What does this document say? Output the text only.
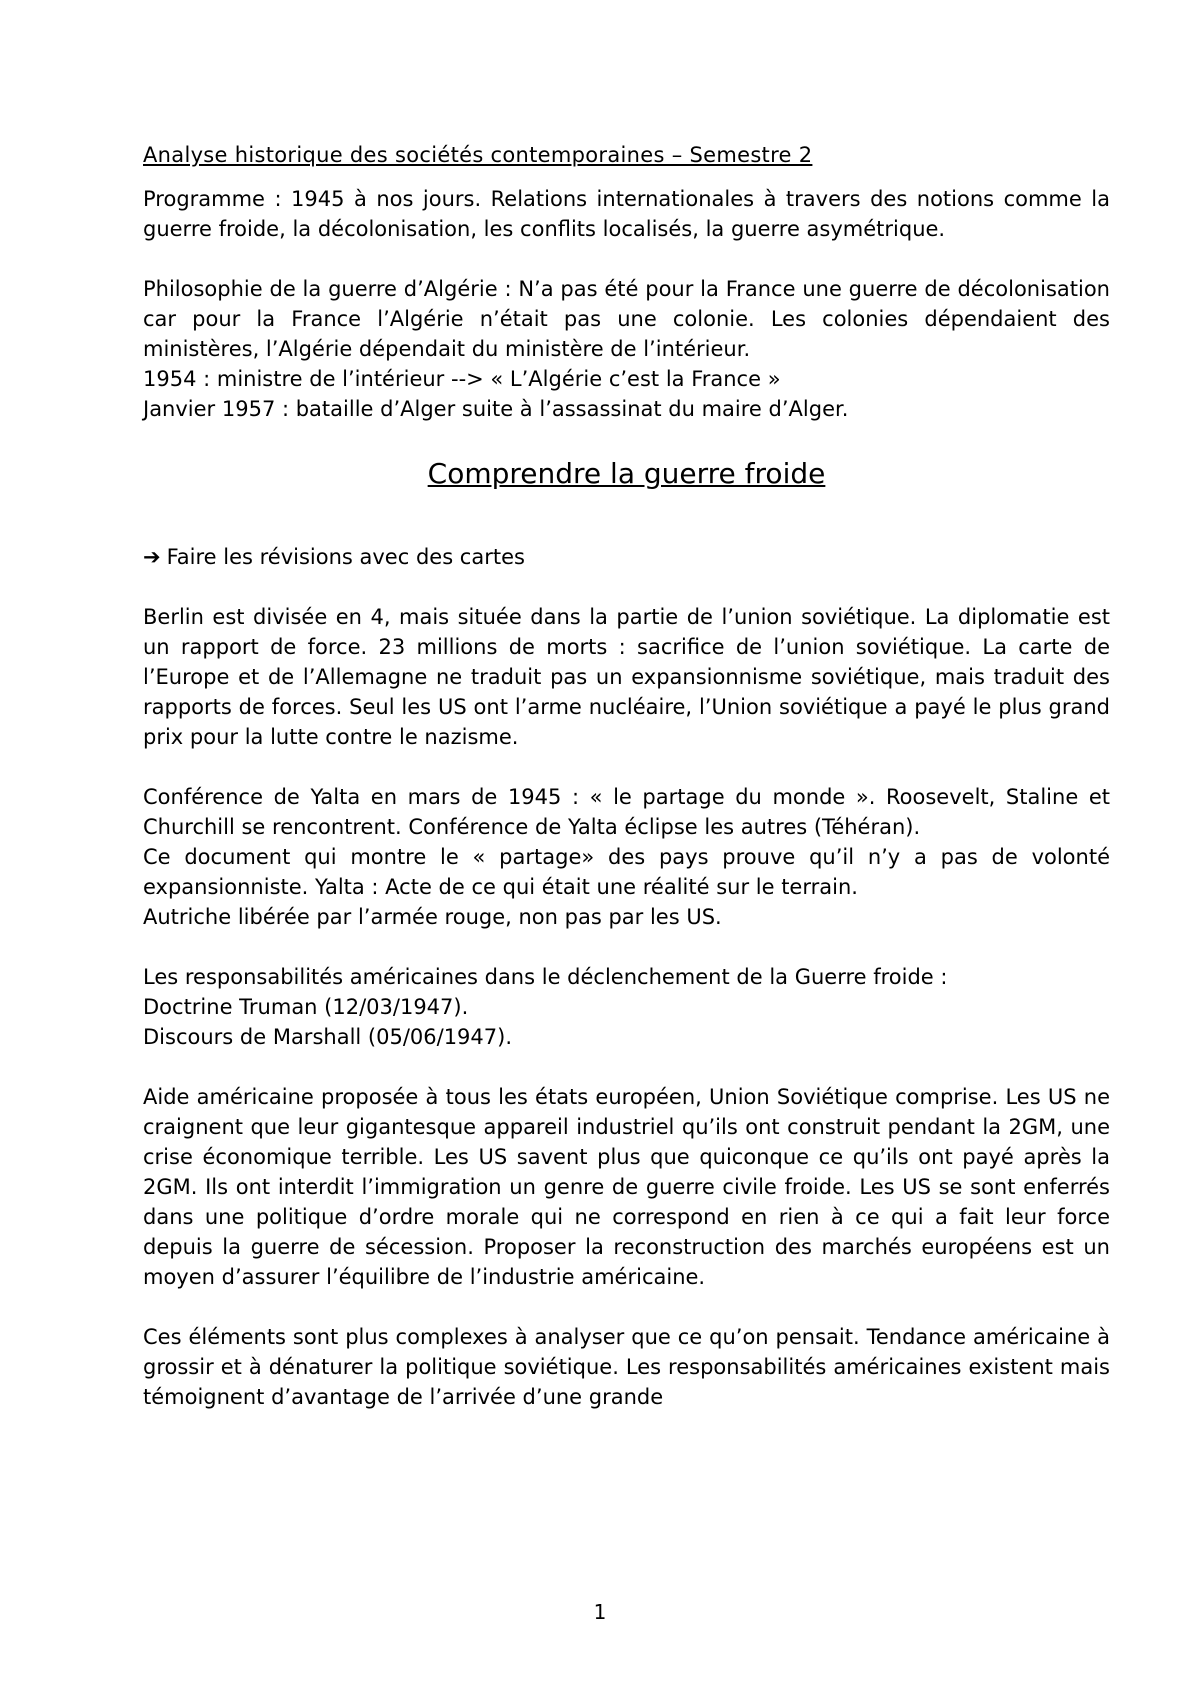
Analyse historique des sociétés contemporaines – Semestre 2

Programme : 1945 à nos jours. Relations internationales à travers des notions comme la guerre froide, la décolonisation, les conflits localisés, la guerre asymétrique.

Philosophie de la guerre d’Algérie : N’a pas été pour la France une guerre de décolonisation car pour la France l’Algérie n’était pas une colonie. Les colonies dépendaient des ministères, l’Algérie dépendait du ministère de l’intérieur.
1954 : ministre de l’intérieur --> « L’Algérie c’est la France »
Janvier 1957 : bataille d’Alger suite à l’assassinat du maire d’Alger.
Comprendre la guerre froide
➔ Faire les révisions avec des cartes

Berlin est divisée en 4, mais située dans la partie de l’union soviétique. La diplomatie est un rapport de force. 23 millions de morts : sacrifice de l’union soviétique. La carte de l’Europe et de l’Allemagne ne traduit pas un expansionnisme soviétique, mais traduit des rapports de forces. Seul les US ont l’arme nucléaire, l’Union soviétique a payé le plus grand prix pour la lutte contre le nazisme.

Conférence de Yalta en mars de 1945 : « le partage du monde ». Roosevelt, Staline et Churchill se rencontrent. Conférence de Yalta éclipse les autres (Téhéran).
Ce document qui montre le « partage» des pays prouve qu’il n’y a pas de volonté expansionniste. Yalta : Acte de ce qui était une réalité sur le terrain.
Autriche libérée par l’armée rouge, non pas par les US.
Les responsabilités américaines dans le déclenchement de la Guerre froide :
Doctrine Truman (12/03/1947).
Discours de Marshall (05/06/1947).

Aide américaine proposée à tous les états européen, Union Soviétique comprise. Les US ne craignent que leur gigantesque appareil industriel qu’ils ont construit pendant la 2GM, une crise économique terrible. Les US savent plus que quiconque ce qu’ils ont payé après la 2GM. Ils ont interdit l’immigration un genre de guerre civile froide. Les US se sont enferrés dans une politique d’ordre morale qui ne correspond en rien à ce qui a fait leur force depuis la guerre de sécession. Proposer la reconstruction des marchés européens est un moyen d’assurer l’équilibre de l’industrie américaine.

Ces éléments sont plus complexes à analyser que ce qu’on pensait. Tendance américaine à grossir et à dénaturer la politique soviétique. Les responsabilités américaines existent mais témoignent d’avantage de l’arrivée d’une grande

1
